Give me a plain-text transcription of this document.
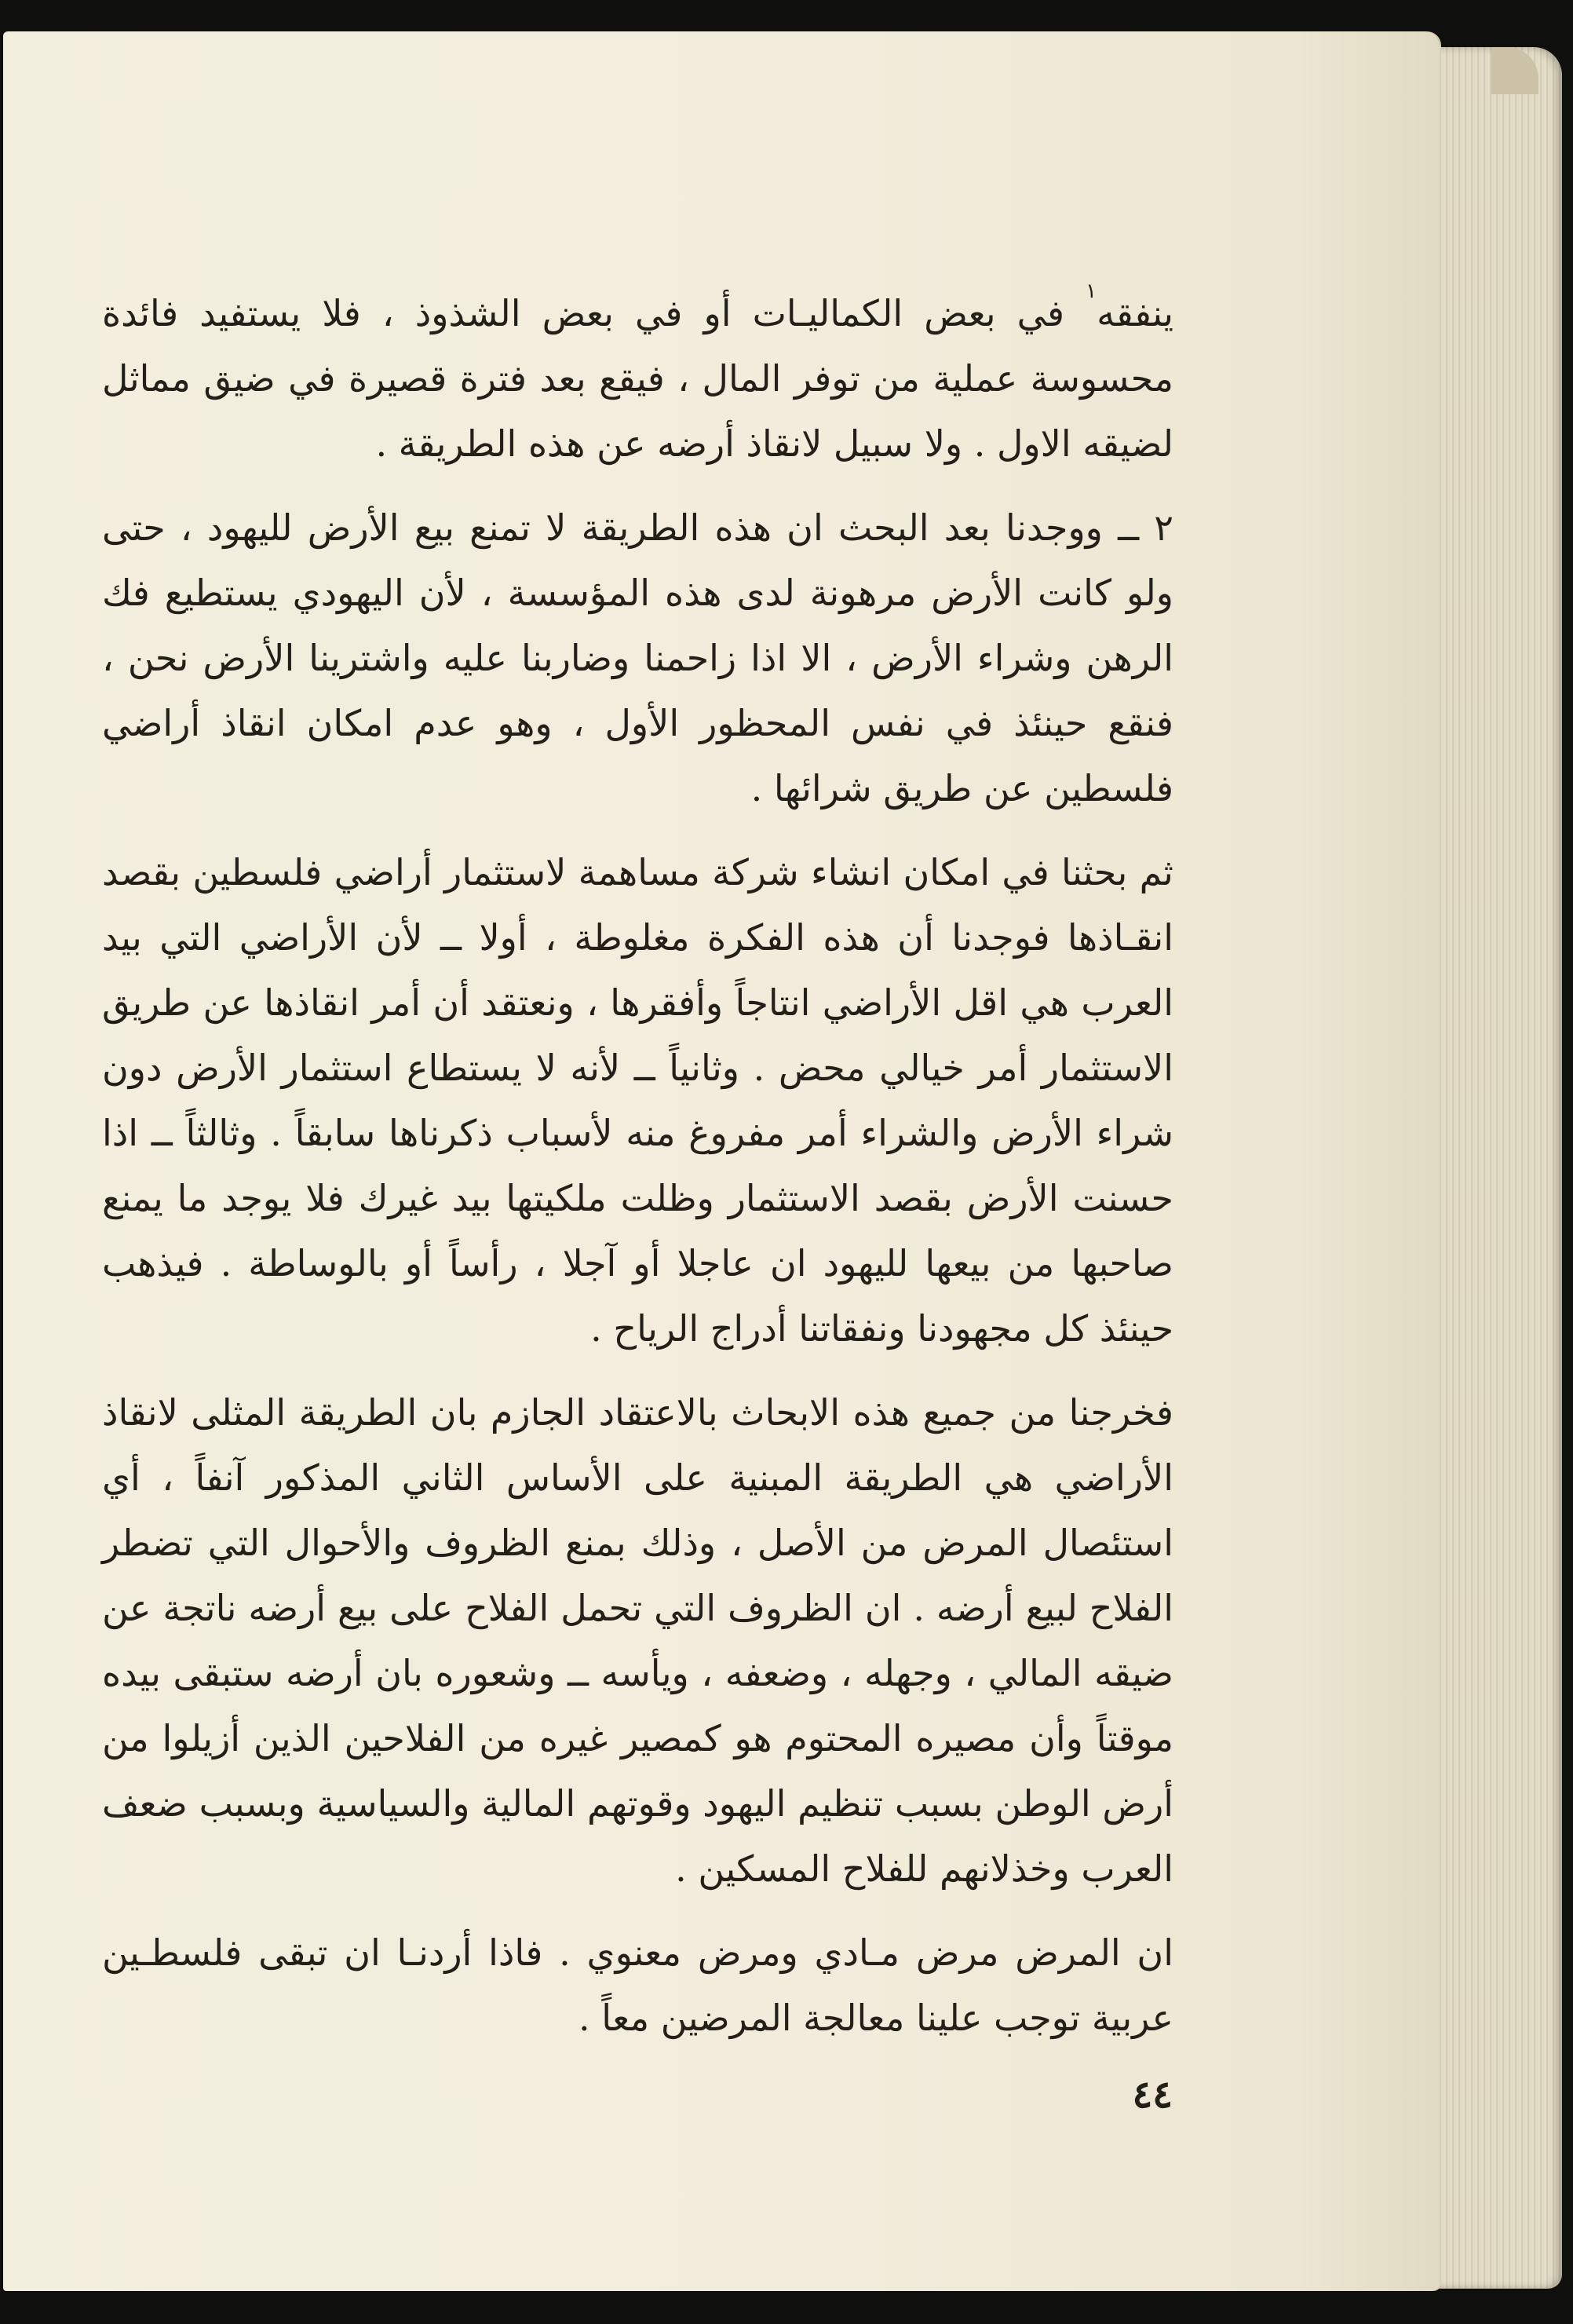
ينفقه$^١$ في بعض الكماليـات أو في بعض الشذوذ ، فلا يستفيد فائدة محسوسة عملية من توفر المال ، فيقع بعد فترة قصيرة في ضيق مماثل لضيقه الاول . ولا سبيل لانقاذ أرضه عن هذه الطريقة .

٢ ــ ووجدنا بعد البحث ان هذه الطريقة لا تمنع بيع الأرض لليهود ، حتى ولو كانت الأرض مرهونة لدى هذه المؤسسة ، لأن اليهودي يستطيع فك الرهن وشراء الأرض ، الا اذا زاحمنا وضاربنا عليه واشترينا الأرض نحن ، فنقع حينئذ في نفس المحظور الأول ، وهو عدم امكان انقاذ أراضي فلسطين عن طريق شرائها .

ثم بحثنا في امكان انشاء شركة مساهمة لاستثمار أراضي فلسطين بقصد انقـاذها فوجدنا أن هذه الفكرة مغلوطة ، أولا ــ لأن الأراضي التي بيد العرب هي اقل الأراضي انتاجاً وأفقرها ، ونعتقد أن أمر انقاذها عن طريق الاستثمار أمر خيالي محض . وثانياً ــ لأنه لا يستطاع استثمار الأرض دون شراء الأرض والشراء أمر مفروغ منه لأسباب ذكرناها سابقاً . وثالثاً ــ اذا حسنت الأرض بقصد الاستثمار وظلت ملكيتها بيد غيرك فلا يوجد ما يمنع صاحبها من بيعها لليهود ان عاجلا أو آجلا ، رأساً أو بالوساطة . فيذهب حينئذ كل مجهودنا ونفقاتنا أدراج الرياح .

فخرجنا من جميع هذه الابحاث بالاعتقاد الجازم بان الطريقة المثلى لانقاذ الأراضي هي الطريقة المبنية على الأساس الثاني المذكور آنفاً ، أي استئصال المرض من الأصل ، وذلك بمنع الظروف والأحوال التي تضطر الفلاح لبيع أرضه . ان الظروف التي تحمل الفلاح على بيع أرضه ناتجة عن ضيقه المالي ، وجهله ، وضعفه ، ويأسه ــ وشعوره بان أرضه ستبقى بيده موقتاً وأن مصيره المحتوم هو كمصير غيره من الفلاحين الذين أزيلوا من أرض الوطن بسبب تنظيم اليهود وقوتهم المالية والسياسية وبسبب ضعف العرب وخذلانهم للفلاح المسكين .

ان المرض مرض مـادي ومرض معنوي . فاذا أردنـا ان تبقى فلسطـين عربية توجب علينا معالجة المرضين معاً .

٤٤
